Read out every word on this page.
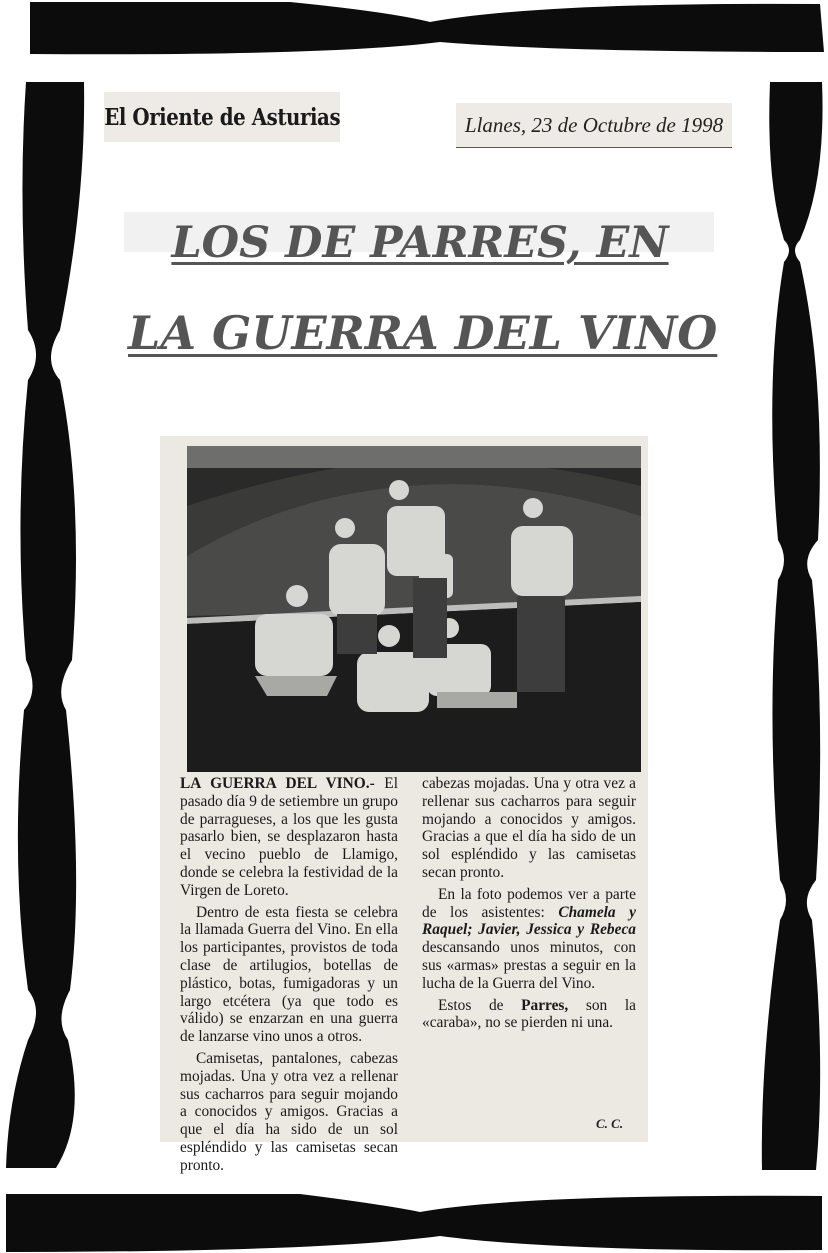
El Oriente de Asturias	Llanes, 23 de Octubre de 1998
LOS DE PARRES, EN
LA GUERRA DEL VINO

LA GUERRA DEL VINO.- El pasado día 9 de setiembre un grupo de parragueses, a los que les gusta pasarlo bien, se desplazaron hasta el vecino pueblo de Llamigo, donde se celebra la festividad de la Virgen de Loreto.

Dentro de esta fiesta se celebra la llamada Guerra del Vino. En ella los participantes, provistos de toda clase de artilugios, botellas de plástico, botas, fumigadoras y un largo etcétera (ya que todo es válido) se enzarzan en una guerra de lanzarse vino unos a otros.

Camisetas, pantalones, cabezas mojadas. Una y otra vez a rellenar sus cacharros para seguir mojando a conocidos y amigos. Gracias a que el día ha sido de un sol espléndido y las camisetas secan pronto.

cabezas mojadas. Una y otra vez a rellenar sus cacharros para seguir mojando a conocidos y amigos. Gracias a que el día ha sido de un sol espléndido y las camisetas secan pronto.

En la foto podemos ver a parte de los asistentes: Chamela y Raquel; Javier, Jessica y Rebeca descansando unos minutos, con sus «armas» prestas a seguir en la lucha de la Guerra del Vino.

Estos de Parres, son la «caraba», no se pierden ni una.

C. C.
